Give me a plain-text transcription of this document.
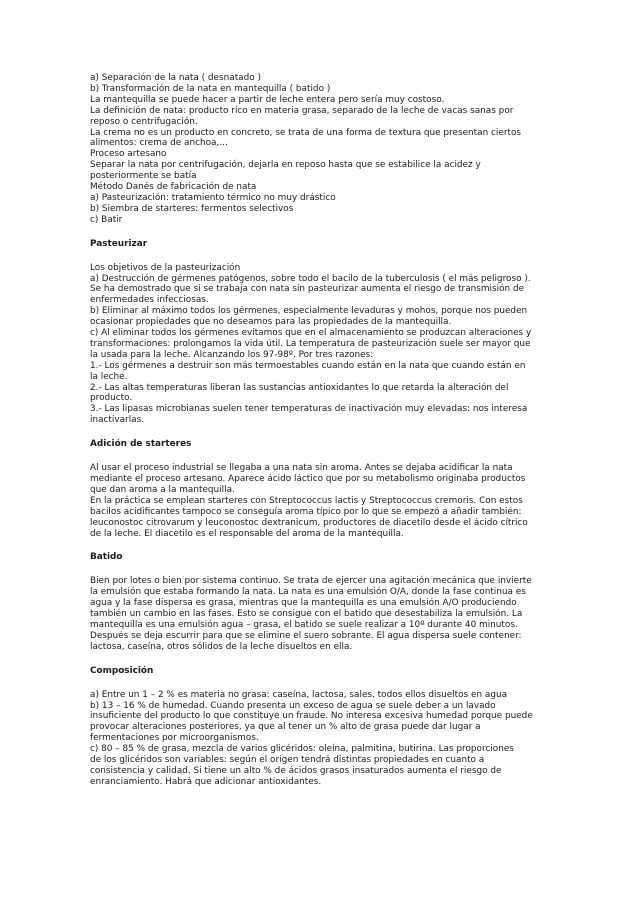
a) Separación de la nata ( desnatado )
b) Transformación de la nata en mantequilla ( batido )
La mantequilla se puede hacer a partir de leche entera pero sería muy costoso.
La definición de nata: producto rico en materia grasa, separado de la leche de vacas sanas por
reposo o centrifugación.
La crema no es un producto en concreto, se trata de una forma de textura que presentan ciertos
alimentos: crema de anchoa,...
Proceso artesano
Separar la nata por centrifugación, dejarla en reposo hasta que se estabilice la acidez y
posteriormente se batía
Método Danés de fabricación de nata
a) Pasteurización: tratamiento térmico no muy drástico
b) Siembra de starteres: fermentos selectivos
c) Batir
Pasteurizar
Los objetivos de la pasteurización
a) Destrucción de gérmenes patógenos, sobre todo el bacilo de la tuberculosis ( el más peligroso ).
Se ha demostrado que si se trabaja con nata sin pasteurizar aumenta el riesgo de transmisión de
enfermedades infecciosas.
b) Eliminar al máximo todos los gérmenes, especialmente levaduras y mohos, porque nos pueden
ocasionar propiedades que no deseamos para las propiedades de la mantequilla.
c) Al eliminar todos los gérmenes evitamos que en el almacenamiento se produzcan alteraciones y
transformaciones: prolongamos la vida útil. La temperatura de pasteurización suele ser mayor que
la usada para la leche. Alcanzando los 97-98º. Por tres razones:
1.- Los gérmenes a destruir son más termoestables cuando están en la nata que cuando están en
la leche.
2.- Las altas temperaturas liberan las sustancias antioxidantes lo que retarda la alteración del
producto.
3.- Las lipasas microbianas suelen tener temperaturas de inactivación muy elevadas: nos interesa
inactivarlas.
Adición de starteres
Al usar el proceso industrial se llegaba a una nata sin aroma. Antes se dejaba acidificar la nata
mediante el proceso artesano. Aparece ácido láctico que por su metabolismo originaba productos
que dan aroma a la mantequilla.
En la práctica se emplean starteres con Streptococcus lactis y Streptococcus cremoris. Con estos
bacilos acidificantes tampoco se conseguía aroma típico por lo que se empezó a añadir también:
leuconostoc citrovarum y leuconostoc dextranicum, productores de diacetilo desde el ácido cítrico
de la leche. El diacetilo es el responsable del aroma de la mantequilla.
Batido
Bien por lotes o bien por sistema continuo. Se trata de ejercer una agitación mecánica que invierte
la emulsión que estaba formando la nata. La nata es una emulsión O/A, donde la fase continua es
agua y la fase dispersa es grasa, mientras que la mantequilla es una emulsión A/O produciendo
también un cambio en las fases. Esto se consigue con el batido que desestabiliza la emulsión. La
mantequilla es una emulsión agua – grasa, el batido se suele realizar a 10º durante 40 minutos.
Después se deja escurrir para que se elimine el suero sobrante. El agua dispersa suele contener:
lactosa, caseína, otros sólidos de la leche disueltos en ella.
Composición
a) Entre un 1 – 2 % es materia no grasa: caseína, lactosa, sales, todos ellos disueltos en agua
b) 13 – 16 % de humedad. Cuando presenta un exceso de agua se suele deber a un lavado
insuficiente del producto lo que constituye un fraude. No interesa excesiva humedad porque puede
provocar alteraciones posteriores, ya que al tener un % alto de grasa puede dar lugar a
fermentaciones por microorganismos.
c) 80 – 85 % de grasa, mezcla de varios glicéridos: oleína, palmitina, butirina. Las proporciones
de los glicéridos son variables: según el origen tendrá distintas propiedades en cuanto a
consistencia y calidad. Si tiene un alto % de ácidos grasos insaturados aumenta el riesgo de
enranciamiento. Habrá que adicionar antioxidantes.
